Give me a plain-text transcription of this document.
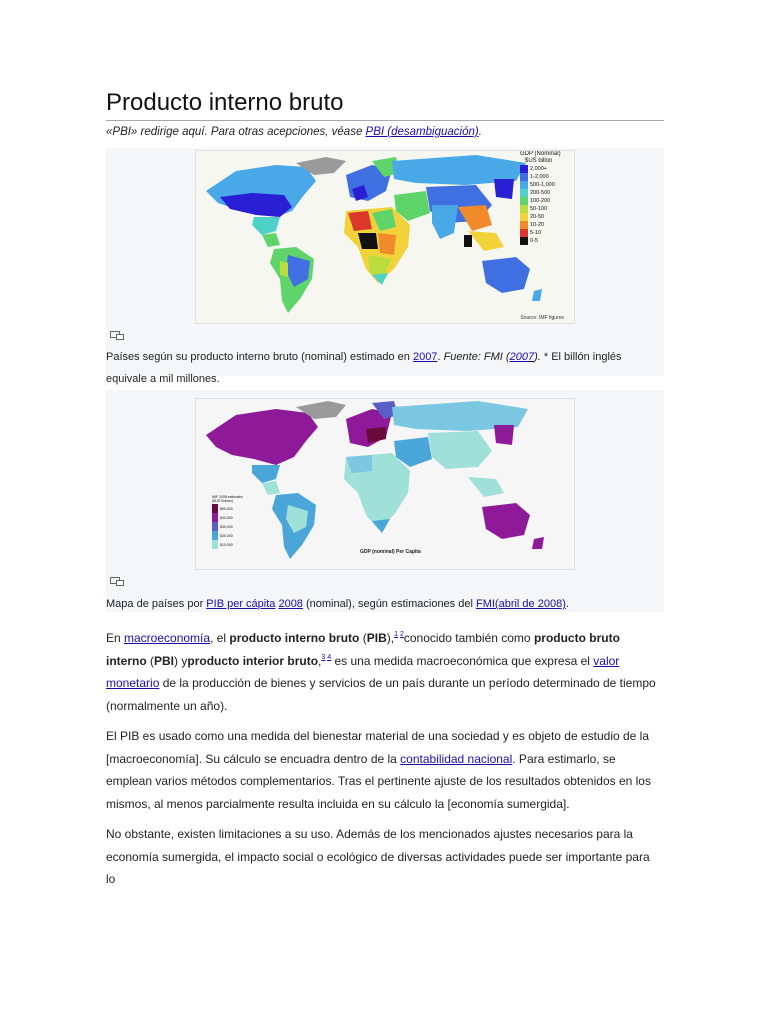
Producto interno bruto
«PBI» redirige aquí. Para otras acepciones, véase PBI (desambiguación).
GDP (Nominal)
$US billon
2,000+
1-2,000
500-1,000
200-500
100-200
50-100
20-50
10-20
5-10
0-5
Source: IMF figures
Países según su producto interno bruto (nominal) estimado en 2007. Fuente: FMI (2007). * El billón inglés equivale a mil millones.
IMF 2008 estimates
($US Dollars)
$50,000
$40,000
$30,000
$20,000
$10,000
GDP (nominal) Per Capita
Mapa de países por PIB per cápita 2008 (nominal), según estimaciones del FMI(abril de 2008).

En macroeconomía, el producto interno bruto (PIB),$^{1 2}$conocido también como producto bruto interno (PBI) yproducto interior bruto,$^{3 4}$ es una medida macroeconómica que expresa el valor monetario de la producción de bienes y servicios de un país durante un período determinado de tiempo (normalmente un año).

El PIB es usado como una medida del bienestar material de una sociedad y es objeto de estudio de la [macroeconomía]. Su cálculo se encuadra dentro de la contabilidad nacional. Para estimarlo, se emplean varios métodos complementarios. Tras el pertinente ajuste de los resultados obtenidos en los mismos, al menos parcialmente resulta incluida en su cálculo la [economía sumergida].

No obstante, existen limitaciones a su uso. Además de los mencionados ajustes necesarios para la economía sumergida, el impacto social o ecológico de diversas actividades puede ser importante para lo
